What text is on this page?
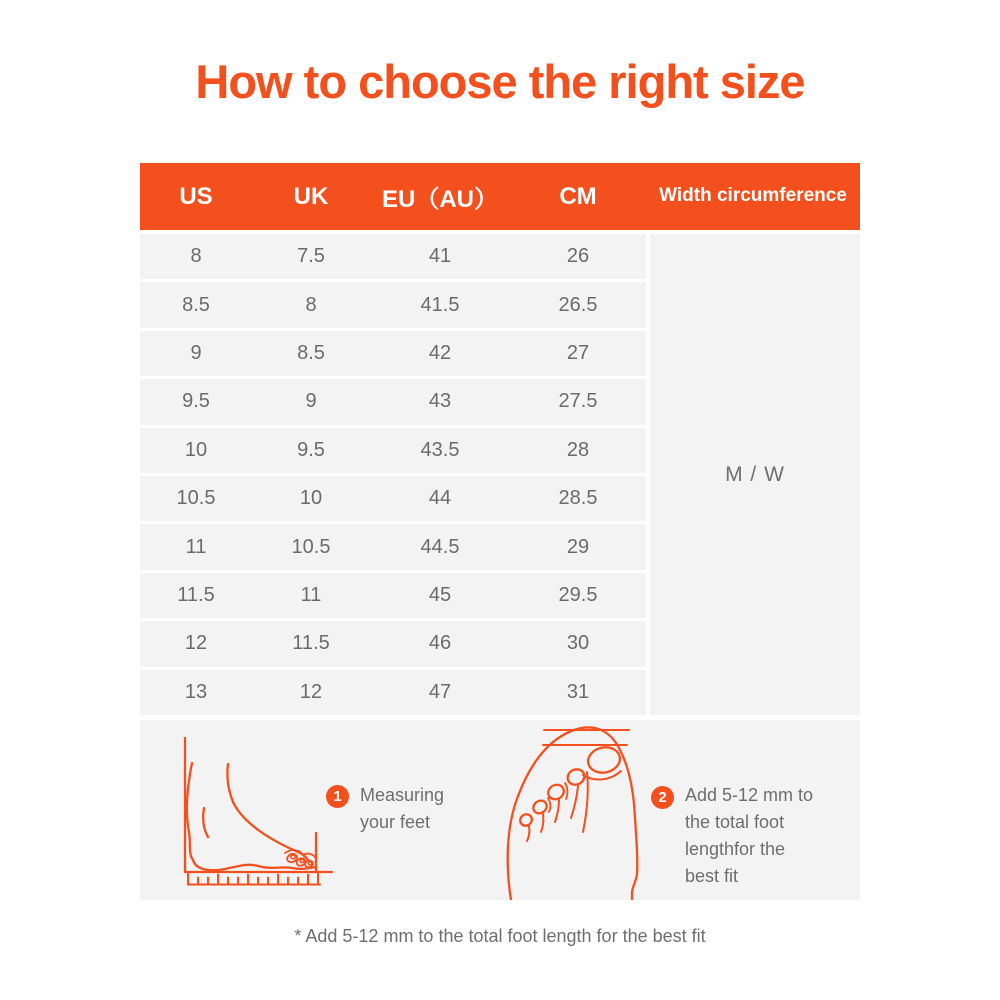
How to choose the right size
US	UK	EU（AU）	CM	Width circumference
8	7.5	41	26
8.5	8	41.5	26.5
9	8.5	42	27
9.5	9	43	27.5
10	9.5	43.5	28
10.5	10	44	28.5
11	10.5	44.5	29
11.5	11	45	29.5
12	11.5	46	30
13	12	47	31
M / W
1	Measuring
your feet
2	Add 5-12 mm to
the total foot
lengthfor the
best fit

* Add 5-12 mm to the total foot length for the best fit
